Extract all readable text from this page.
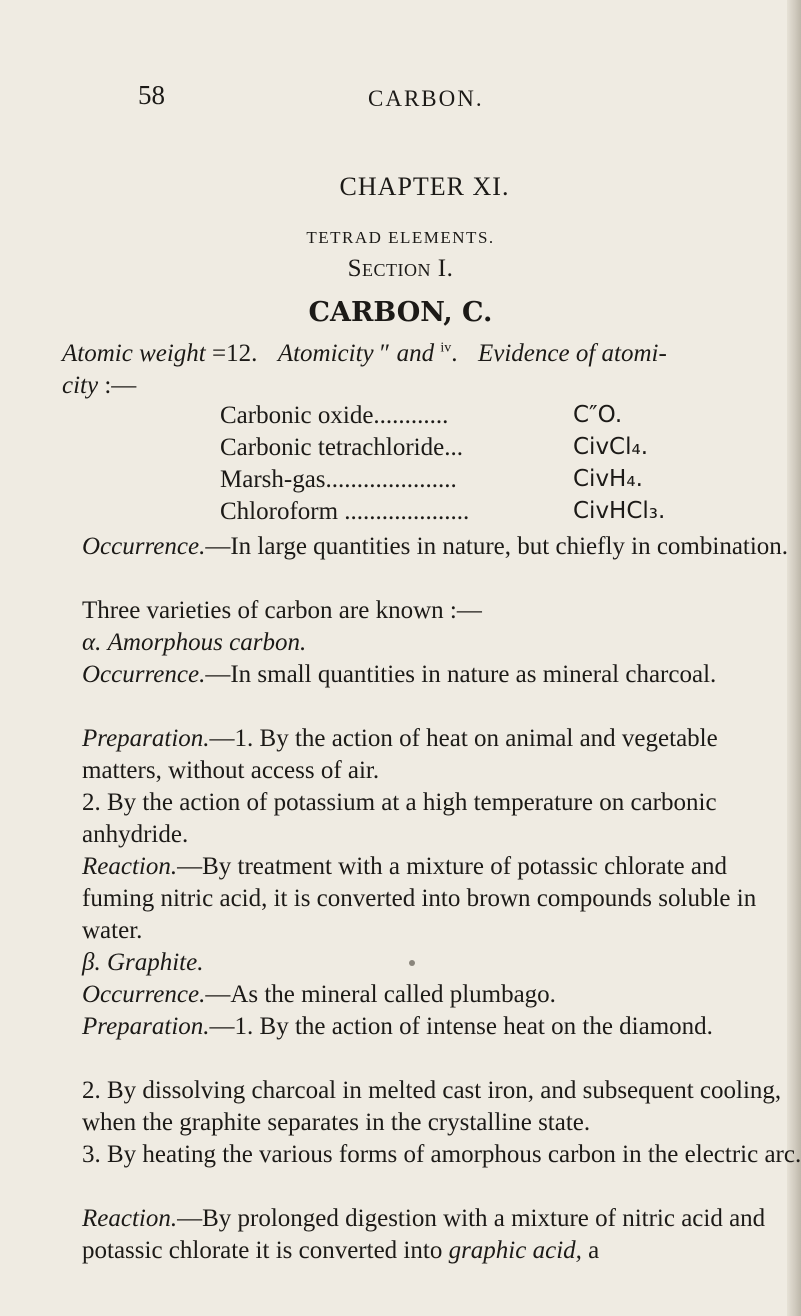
58	CARBON.
CHAPTER XI.
TETRAD ELEMENTS.
Section I.
CARBON, C.
Atomic weight =12. Atomicity ″ and $^{iv}$.  Evidence of atomi-
city :—
Carbonic oxide............	C″O.
Carbonic tetrachloride...	CivCl₄.
Marsh-gas.....................	CivH₄.
Chloroform ....................	CivHCl₃.
Occurrence.—In large quantities in nature, but chiefly in combination.
Three varieties of carbon are known :—
α. Amorphous carbon.
Occurrence.—In small quantities in nature as mineral charcoal.
Preparation.—1. By the action of heat on animal and vegetable matters, without access of air.
2. By the action of potassium at a high temperature on carbonic anhydride.
Reaction.—By treatment with a mixture of potassic chlorate and fuming nitric acid, it is converted into brown compounds soluble in water.
β. Graphite.
Occurrence.—As the mineral called plumbago.
Preparation.—1. By the action of intense heat on the diamond.
2. By dissolving charcoal in melted cast iron, and subsequent cooling, when the graphite separates in the crystalline state.
3. By heating the various forms of amorphous carbon in the electric arc.
Reaction.—By prolonged digestion with a mixture of nitric acid and potassic chlorate it is converted into graphic acid, a
